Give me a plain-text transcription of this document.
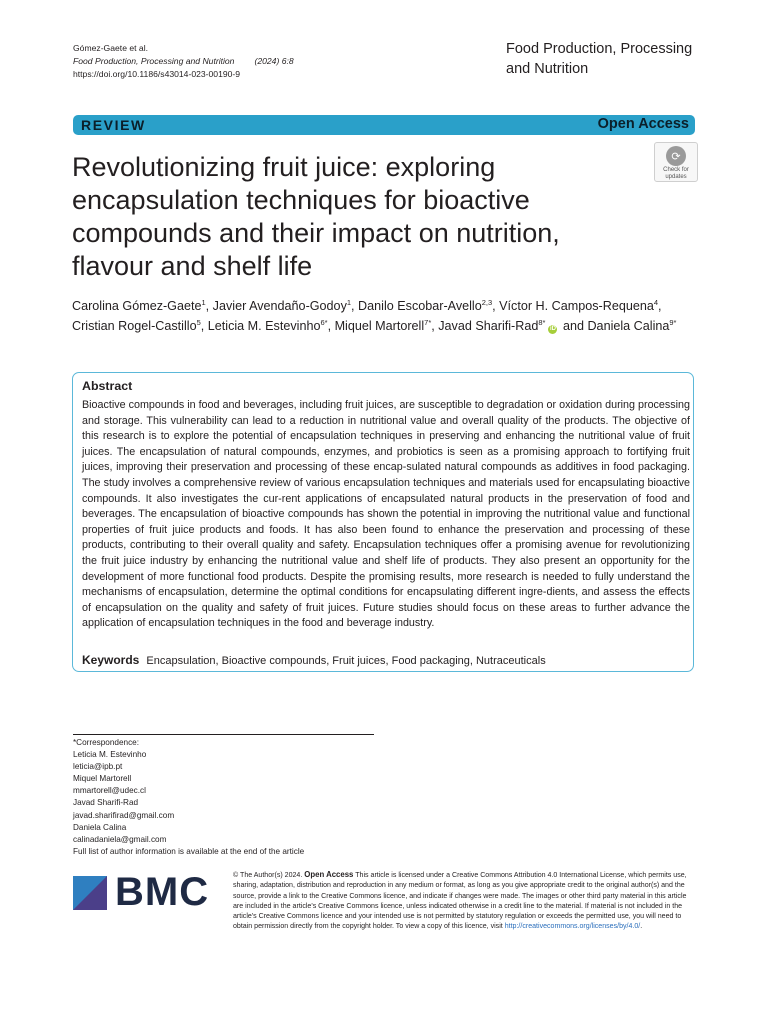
Gómez-Gaete et al.
Food Production, Processing and Nutrition (2024) 6:8
https://doi.org/10.1186/s43014-023-00190-9
Food Production, Processing
and Nutrition
REVIEW	Open Access
Revolutionizing fruit juice: exploring encapsulation techniques for bioactive compounds and their impact on nutrition, flavour and shelf life
⟳
Check for
updates
Carolina Gómez-Gaete$^1$, Javier Avendaño-Godoy$^1$, Danilo Escobar-Avello$^{2,3}$, Víctor H. Campos-Requena$^4$,
Cristian Rogel-Castillo$^5$, Leticia M. Estevinho$^{6*}$, Miquel Martorell$^{7*}$, Javad Sharifi-Rad$^{8*}$iD and Daniela Calina$^{9*}$
Abstract
Bioactive compounds in food and beverages, including fruit juices, are susceptible to degradation or oxidation during processing and storage. This vulnerability can lead to a reduction in nutritional value and overall quality of the products. The objective of this research is to explore the potential of encapsulation techniques in preserving and enhancing the nutritional value of fruit juices. The encapsulation of natural compounds, enzymes, and probiotics is seen as a promising approach to fortifying fruit juices, improving their preservation and processing of these encap-sulated natural compounds as additives in food packaging. The study involves a comprehensive review of various encapsulation techniques and materials used for encapsulating bioactive compounds. It also investigates the cur-rent applications of encapsulated natural products in the preservation of food and beverages. The encapsulation of bioactive compounds has shown the potential in improving the nutritional value and functional properties of fruit juice products and foods. It has also been found to enhance the preservation and processing of these products, contributing to their overall quality and safety. Encapsulation techniques offer a promising avenue for revolutionizing the fruit juice industry by enhancing the nutritional value and shelf life of products. They also present an opportunity for the development of more functional food products. Despite the promising results, more research is needed to fully understand the mechanisms of encapsulation, determine the optimal conditions for encapsulating different ingre-dients, and assess the effects of encapsulation on the quality and safety of fruit juices. Future studies should focus on these areas to further advance the application of encapsulation techniques in the food and beverage industry.
Keywords Encapsulation, Bioactive compounds, Fruit juices, Food packaging, Nutraceuticals
*Correspondence:
Leticia M. Estevinho
leticia@ipb.pt
Miquel Martorell
mmartorell@udec.cl
Javad Sharifi-Rad
javad.sharifirad@gmail.com
Daniela Calina
calinadaniela@gmail.com
Full list of author information is available at the end of the article
BMC	© The Author(s) 2024. Open Access This article is licensed under a Creative Commons Attribution 4.0 International License, which permits use, sharing, adaptation, distribution and reproduction in any medium or format, as long as you give appropriate credit to the original author(s) and the source, provide a link to the Creative Commons licence, and indicate if changes were made. The images or other third party material in this article are included in the article's Creative Commons licence, unless indicated otherwise in a credit line to the material. If material is not included in the article's Creative Commons licence and your intended use is not permitted by statutory regulation or exceeds the permitted use, you will need to obtain permission directly from the copyright holder. To view a copy of this licence, visit http://creativecommons.org/licenses/by/4.0/.
